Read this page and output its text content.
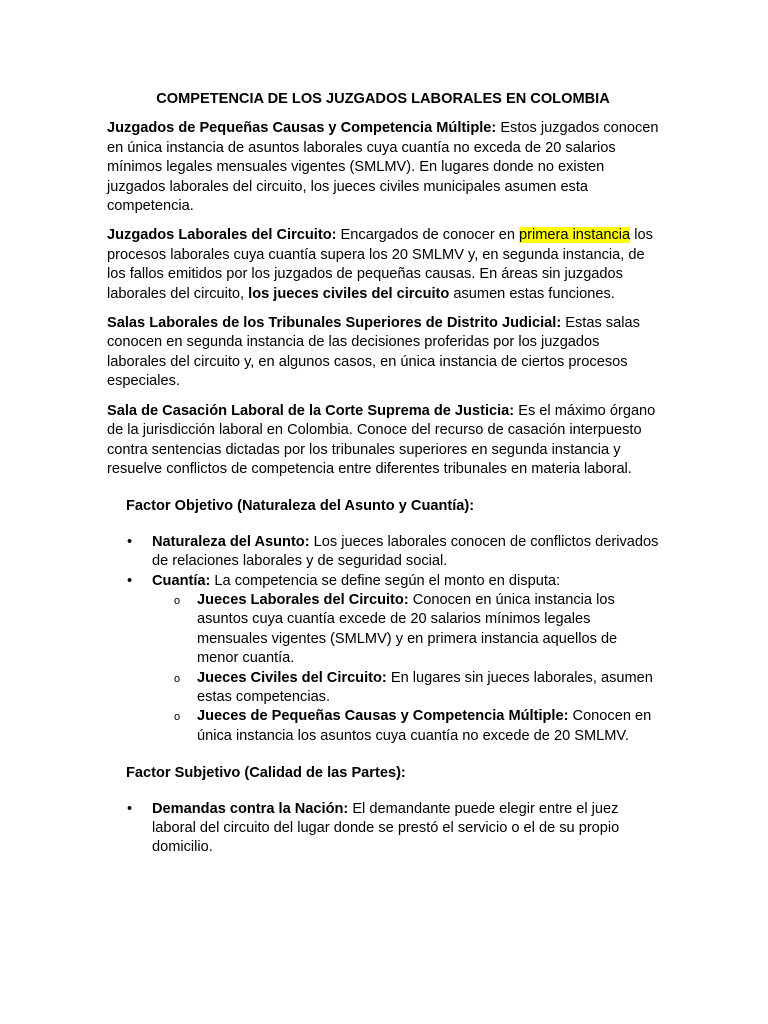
COMPETENCIA DE LOS JUZGADOS LABORALES EN COLOMBIA

Juzgados de Pequeñas Causas y Competencia Múltiple: Estos juzgados conocen en única instancia de asuntos laborales cuya cuantía no exceda de 20 salarios mínimos legales mensuales vigentes (SMLMV). En lugares donde no existen juzgados laborales del circuito, los jueces civiles municipales asumen esta competencia.

Juzgados Laborales del Circuito: Encargados de conocer en primera instancia los procesos laborales cuya cuantía supera los 20 SMLMV y, en segunda instancia, de los fallos emitidos por los juzgados de pequeñas causas. En áreas sin juzgados laborales del circuito, los jueces civiles del circuito asumen estas funciones.

Salas Laborales de los Tribunales Superiores de Distrito Judicial: Estas salas conocen en segunda instancia de las decisiones proferidas por los juzgados laborales del circuito y, en algunos casos, en única instancia de ciertos procesos especiales.

Sala de Casación Laboral de la Corte Suprema de Justicia: Es el máximo órgano de la jurisdicción laboral en Colombia. Conoce del recurso de casación interpuesto contra sentencias dictadas por los tribunales superiores en segunda instancia y resuelve conflictos de competencia entre diferentes tribunales en materia laboral.

Factor Objetivo (Naturaleza del Asunto y Cuantía):
• Naturaleza del Asunto: Los jueces laborales conocen de conflictos derivados de relaciones laborales y de seguridad social.
• Cuantía: La competencia se define según el monto en disputa:
o Jueces Laborales del Circuito: Conocen en única instancia los asuntos cuya cuantía excede de 20 salarios mínimos legales mensuales vigentes (SMLMV) y en primera instancia aquellos de menor cuantía.
o Jueces Civiles del Circuito: En lugares sin jueces laborales, asumen estas competencias.
o Jueces de Pequeñas Causas y Competencia Múltiple: Conocen en única instancia los asuntos cuya cuantía no excede de 20 SMLMV.
Factor Subjetivo (Calidad de las Partes):
• Demandas contra la Nación: El demandante puede elegir entre el juez laboral del circuito del lugar donde se prestó el servicio o el de su propio domicilio.
